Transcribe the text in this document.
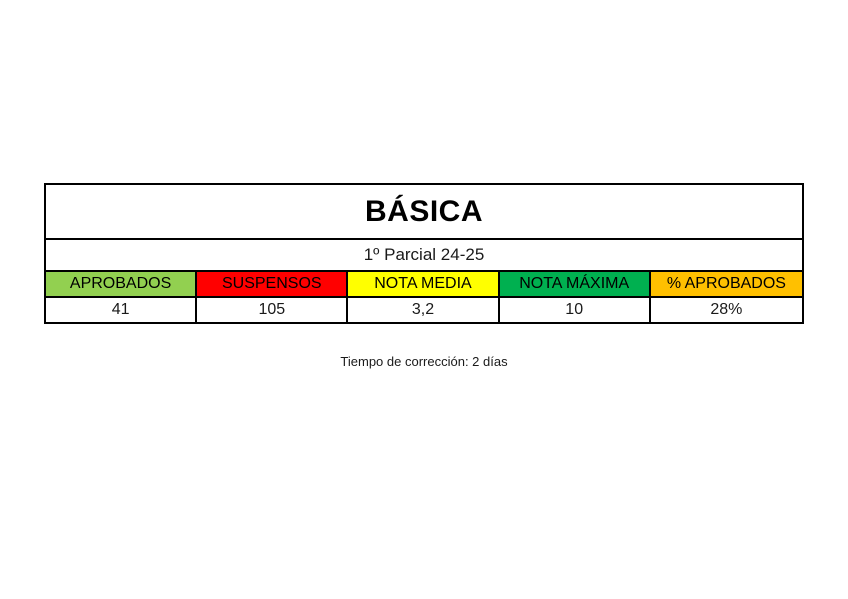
BÁSICA
1º Parcial 24-25
APROBADOS	SUSPENSOS	NOTA MEDIA	NOTA MÁXIMA	% APROBADOS
41	105	3,2	10	28%
Tiempo de corrección: 2 días
